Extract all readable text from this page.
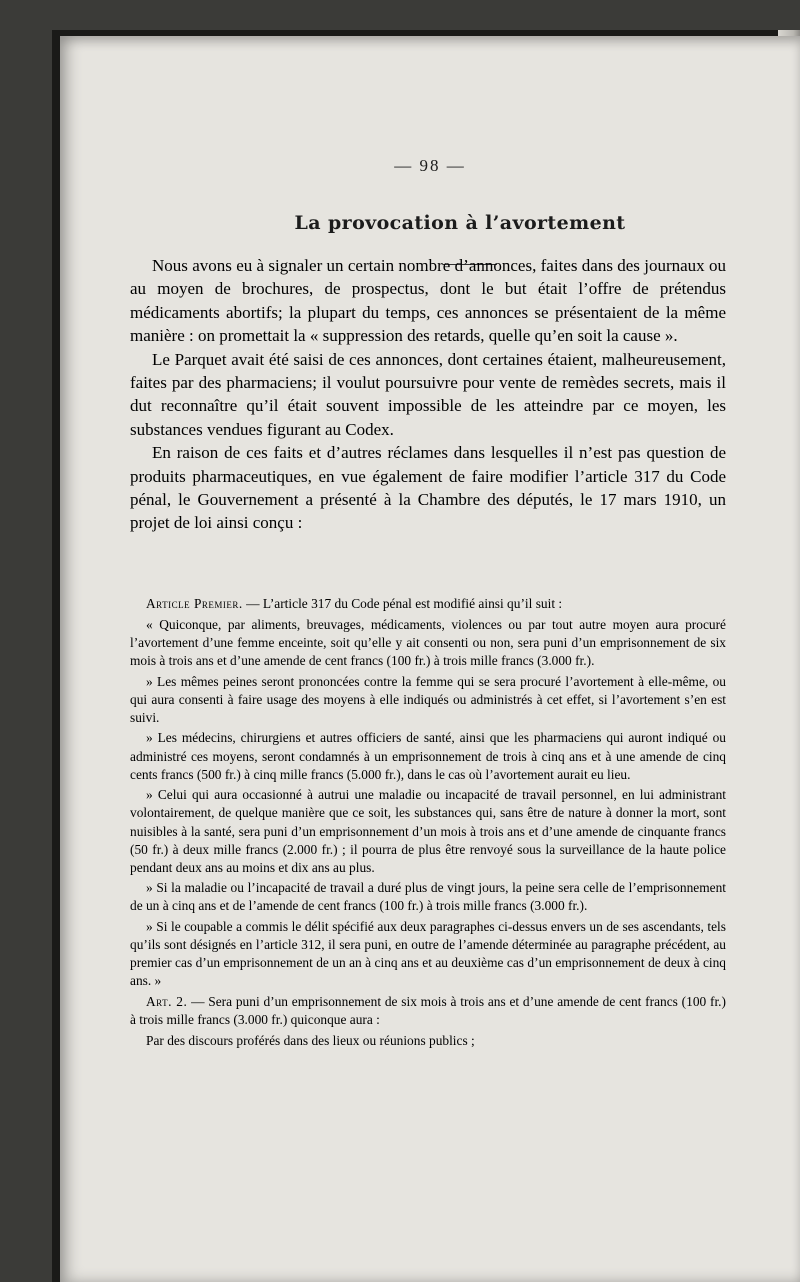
— 98 —
La provocation à l’avortement

Nous avons eu à signaler un certain nombre d’annonces, faites dans des journaux ou au moyen de brochures, de prospectus, dont le but était l’offre de prétendus médicaments abortifs; la plupart du temps, ces annonces se présentaient de la même manière : on promettait la « suppression des retards, quelle qu’en soit la cause ».

Le Parquet avait été saisi de ces annonces, dont certaines étaient, malheureusement, faites par des pharmaciens; il voulut poursuivre pour vente de remèdes secrets, mais il dut reconnaître qu’il était souvent impossible de les atteindre par ce moyen, les substances vendues figurant au Codex.

En raison de ces faits et d’autres réclames dans lesquelles il n’est pas question de produits pharmaceutiques, en vue également de faire modifier l’article 317 du Code pénal, le Gouvernement a présenté à la Chambre des députés, le 17 mars 1910, un projet de loi ainsi conçu :

Article Premier. — L’article 317 du Code pénal est modifié ainsi qu’il suit :

« Quiconque, par aliments, breuvages, médicaments, violences ou par tout autre moyen aura procuré l’avortement d’une femme enceinte, soit qu’elle y ait consenti ou non, sera puni d’un emprisonnement de six mois à trois ans et d’une amende de cent francs (100 fr.) à trois mille francs (3.000 fr.).

» Les mêmes peines seront prononcées contre la femme qui se sera procuré l’avortement à elle-même, ou qui aura consenti à faire usage des moyens à elle indiqués ou administrés à cet effet, si l’avortement s’en est suivi.

» Les médecins, chirurgiens et autres officiers de santé, ainsi que les pharmaciens qui auront indiqué ou administré ces moyens, seront condamnés à un emprisonnement de trois à cinq ans et à une amende de cinq cents francs (500 fr.) à cinq mille francs (5.000 fr.), dans le cas où l’avortement aurait eu lieu.

» Celui qui aura occasionné à autrui une maladie ou incapacité de travail personnel, en lui administrant volontairement, de quelque manière que ce soit, les substances qui, sans être de nature à donner la mort, sont nuisibles à la santé, sera puni d’un emprisonnement d’un mois à trois ans et d’une amende de cinquante francs (50 fr.) à deux mille francs (2.000 fr.) ; il pourra de plus être renvoyé sous la surveillance de la haute police pendant deux ans au moins et dix ans au plus.

» Si la maladie ou l’incapacité de travail a duré plus de vingt jours, la peine sera celle de l’emprisonnement de un à cinq ans et de l’amende de cent francs (100 fr.) à trois mille francs (3.000 fr.).

» Si le coupable a commis le délit spécifié aux deux paragraphes ci-dessus envers un de ses ascendants, tels qu’ils sont désignés en l’article 312, il sera puni, en outre de l’amende déterminée au paragraphe précédent, au premier cas d’un emprisonnement de un an à cinq ans et au deuxième cas d’un emprisonnement de deux à cinq ans. »

Art. 2. — Sera puni d’un emprisonnement de six mois à trois ans et d’une amende de cent francs (100 fr.) à trois mille francs (3.000 fr.) quiconque aura :

Par des discours proférés dans des lieux ou réunions publics ;
